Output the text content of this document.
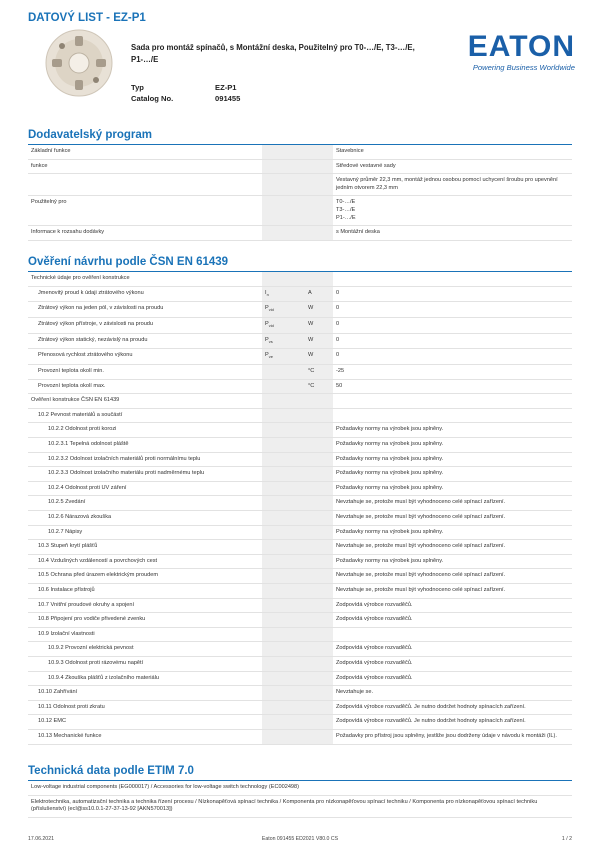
DATOVÝ LIST - EZ-P1
Sada pro montáž spínačů, s Montážní deska, Použitelný pro T0-…/E, T3-…/E, P1-…/E	EATON
Powering Business Worldwide
Typ	EZ-P1
Catalog No.	091455
Dodavatelský program
Základní funkce			Stavebnice
funkce			Středové vestavné sady
			Vestavný průměr 22,3 mm, montáž jednou osobou pomocí uchycení šroubu pro upevnění jedním otvorem 22,3 mm
Použitelný pro			T0-…/E
T3-…/E
P1-…/E
Informace k rozsahu dodávky			s Montážní deska
Ověření návrhu podle ČSN EN 61439
Technické údaje pro ověření konstrukce			
Jmenovitý proud k údaji ztrátového výkonu	$I_n$	A	0
Ztrátový výkon na jeden pól, v závislosti na proudu	$P_{vid}$	W	0
Ztrátový výkon přístroje, v závislosti na proudu	$P_{vid}$	W	0
Ztrátový výkon statický, nezávislý na proudu	$P_{vs}$	W	0
Přenosová rychlost ztrátového výkonu	$P_{ve}$	W	0
Provozní teplota okolí min.		°C	-25
Provozní teplota okolí max.		°C	50
Ověření konstrukce ČSN EN 61439			
10.2 Pevnost materiálů a součástí			
10.2.2 Odolnost proti korozi			Požadavky normy na výrobek jsou splněny.
10.2.3.1 Tepelná odolnost pláště			Požadavky normy na výrobek jsou splněny.
10.2.3.2 Odolnost izolačních materiálů proti normálnímu teplu			Požadavky normy na výrobek jsou splněny.
10.2.3.3 Odolnost izolačního materiálu proti nadměrnému teplu			Požadavky normy na výrobek jsou splněny.
10.2.4 Odolnost proti UV záření			Požadavky normy na výrobek jsou splněny.
10.2.5 Zvedání			Nevztahuje se, protože musí být vyhodnoceno celé spínací zařízení.
10.2.6 Nárazová zkouška			Nevztahuje se, protože musí být vyhodnoceno celé spínací zařízení.
10.2.7 Nápisy			Požadavky normy na výrobek jsou splněny.
10.3 Stupeň krytí plášťů			Nevztahuje se, protože musí být vyhodnoceno celé spínací zařízení.
10.4 Vzdušných vzdáleností a povrchových cest			Požadavky normy na výrobek jsou splněny.
10.5 Ochrana před úrazem elektrickým proudem			Nevztahuje se, protože musí být vyhodnoceno celé spínací zařízení.
10.6 Instalace přístrojů			Nevztahuje se, protože musí být vyhodnoceno celé spínací zařízení.
10.7 Vnitřní proudové okruhy a spojení			Zodpovídá výrobce rozvaděčů.
10.8 Připojení pro vodiče přivedené zvenku			Zodpovídá výrobce rozvaděčů.
10.9 Izolační vlastnosti			
10.9.2 Provozní elektrická pevnost			Zodpovídá výrobce rozvaděčů.
10.9.3 Odolnost proti rázovému napětí			Zodpovídá výrobce rozvaděčů.
10.9.4 Zkouška plášťů z izolačního materiálu			Zodpovídá výrobce rozvaděčů.
10.10 Zahřívání			Nevztahuje se.
10.11 Odolnost proti zkratu			Zodpovídá výrobce rozvaděčů. Je nutno dodržet hodnoty spínacích zařízení.
10.12 EMC			Zodpovídá výrobce rozvaděčů. Je nutno dodržet hodnoty spínacích zařízení.
10.13 Mechanické funkce			Požadavky pro přístroj jsou splněny, jestliže jsou dodrženy údaje v návodu k montáži (IL).
Technická data podle ETIM 7.0
Low-voltage industrial components (EG000017) / Accessories for low-voltage switch technology (EC002498)
Elektrotechnika, automatizační technika a technika řízení procesu / Nízkonapěťová spínací technika / Komponenta pro nízkonapěťovou spínací techniku / Komponenta pro nízkonapěťovou spínací techniku (příslušenství) (ecl@ss10.0.1-27-37-13-92 [AKN570013])
17.06.2021	Eaton 091455 ED2021 V80.0 CS	1 / 2
